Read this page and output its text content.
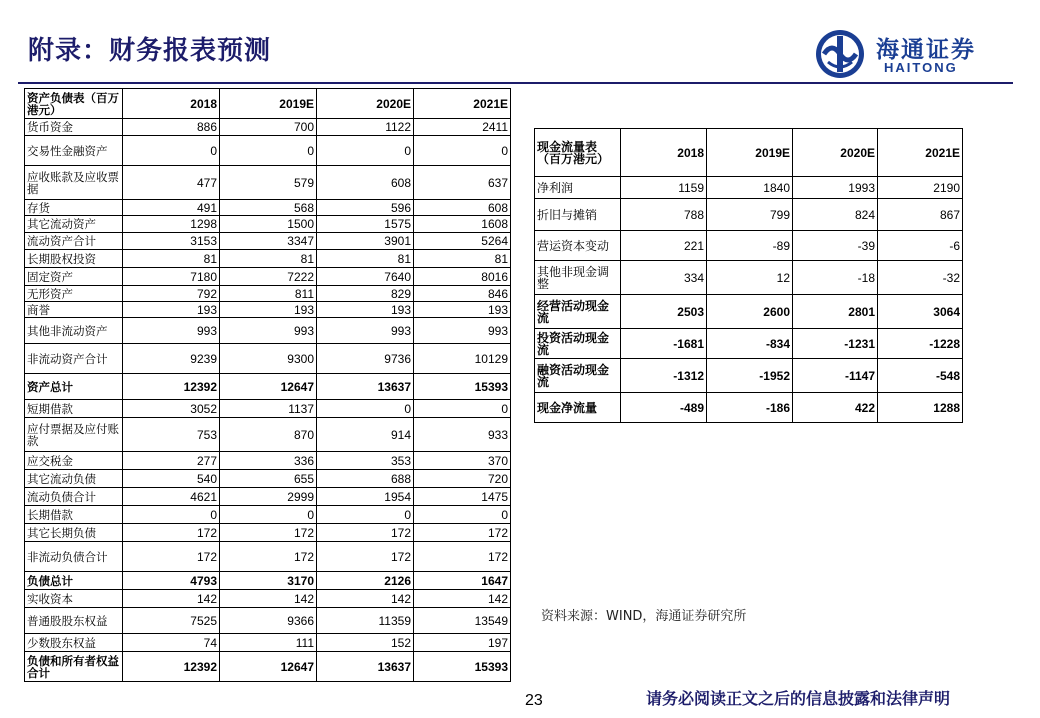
附录：财务报表预测	海通证券
HAITONG
资产负债表（百万港元）	2018	2019E	2020E	2021E
货币资金	886	700	1122	2411
交易性金融资产	0	0	0	0
应收账款及应收票据	477	579	608	637
存货	491	568	596	608
其它流动资产	1298	1500	1575	1608
流动资产合计	3153	3347	3901	5264
长期股权投资	81	81	81	81
固定资产	7180	7222	7640	8016
无形资产	792	811	829	846
商誉	193	193	193	193
其他非流动资产	993	993	993	993
非流动资产合计	9239	9300	9736	10129
资产总计	12392	12647	13637	15393
短期借款	3052	1137	0	0
应付票据及应付账款	753	870	914	933
应交税金	277	336	353	370
其它流动负债	540	655	688	720
流动负债合计	4621	2999	1954	1475
长期借款	0	0	0	0
其它长期负债	172	172	172	172
非流动负债合计	172	172	172	172
负债总计	4793	3170	2126	1647
实收资本	142	142	142	142
普通股股东权益	7525	9366	11359	13549
少数股东权益	74	111	152	197
负债和所有者权益合计	12392	12647	13637	15393
现金流量表（百万港元）	2018	2019E	2020E	2021E
净利润	1159	1840	1993	2190
折旧与摊销	788	799	824	867
营运资本变动	221	-89	-39	-6
其他非现金调整	334	12	-18	-32
经营活动现金流	2503	2600	2801	3064
投资活动现金流	-1681	-834	-1231	-1228
融资活动现金流	-1312	-1952	-1147	-548
现金净流量	-489	-186	422	1288
资料来源：WIND，海通证券研究所
23	请务必阅读正文之后的信息披露和法律声明
